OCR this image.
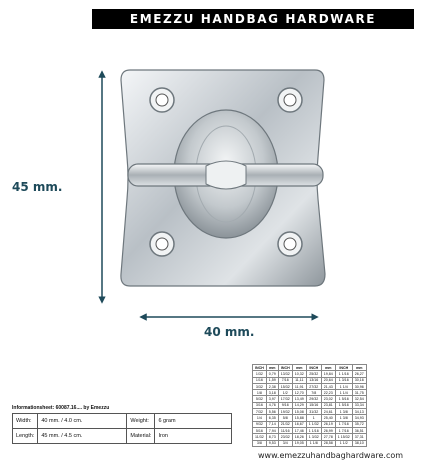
EMEZZU HANDBAG HARDWARE
45 mm.
40 mm.
Informationsheet: 60087.16.... by Emezzu
Width:	40 mm. / 4.0 cm.	Weight:	6 gram
Length:	45 mm. / 4.5 cm.	Material:	Iron
INCH	mm	INCH	mm	INCH	mm	INCH	mm
1/32	0,79	13/32	10,32	25/32	19,84	1 1/16	26,27
1/16	1,59	7/16	11,11	13/16	20,64	1 3/16	30,16
3/32	2,38	15/32	11,91	27/32	21,43	1 1/4	30,96
1/8	3,18	1/2	12,70	7/8	22,23	1 1/4	31,75
5/32	3,97	17/32	13,49	29/32	23,02	1 5/16	32,54
3/16	4,76	9/16	14,29	15/16	23,81	1 5/16	33,34
7/32	5,56	19/32	15,08	31/32	24,61	1 3/8	34,13
1/4	6,35	5/8	15,88	1	25,40	1 3/8	34,93
9/32	7,14	21/32	16,67	1 1/32	26,19	1 7/16	35,72
5/16	7,94	11/16	17,46	1 1/16	26,99	1 7/16	36,51
11/32	8,73	23/32	18,26	1 3/32	27,78	1 15/32	37,31
3/8	9,53	3/4	19,05	1 1/8	28,58	1 1/2	38,10
www.emezzuhandbaghardware.com
